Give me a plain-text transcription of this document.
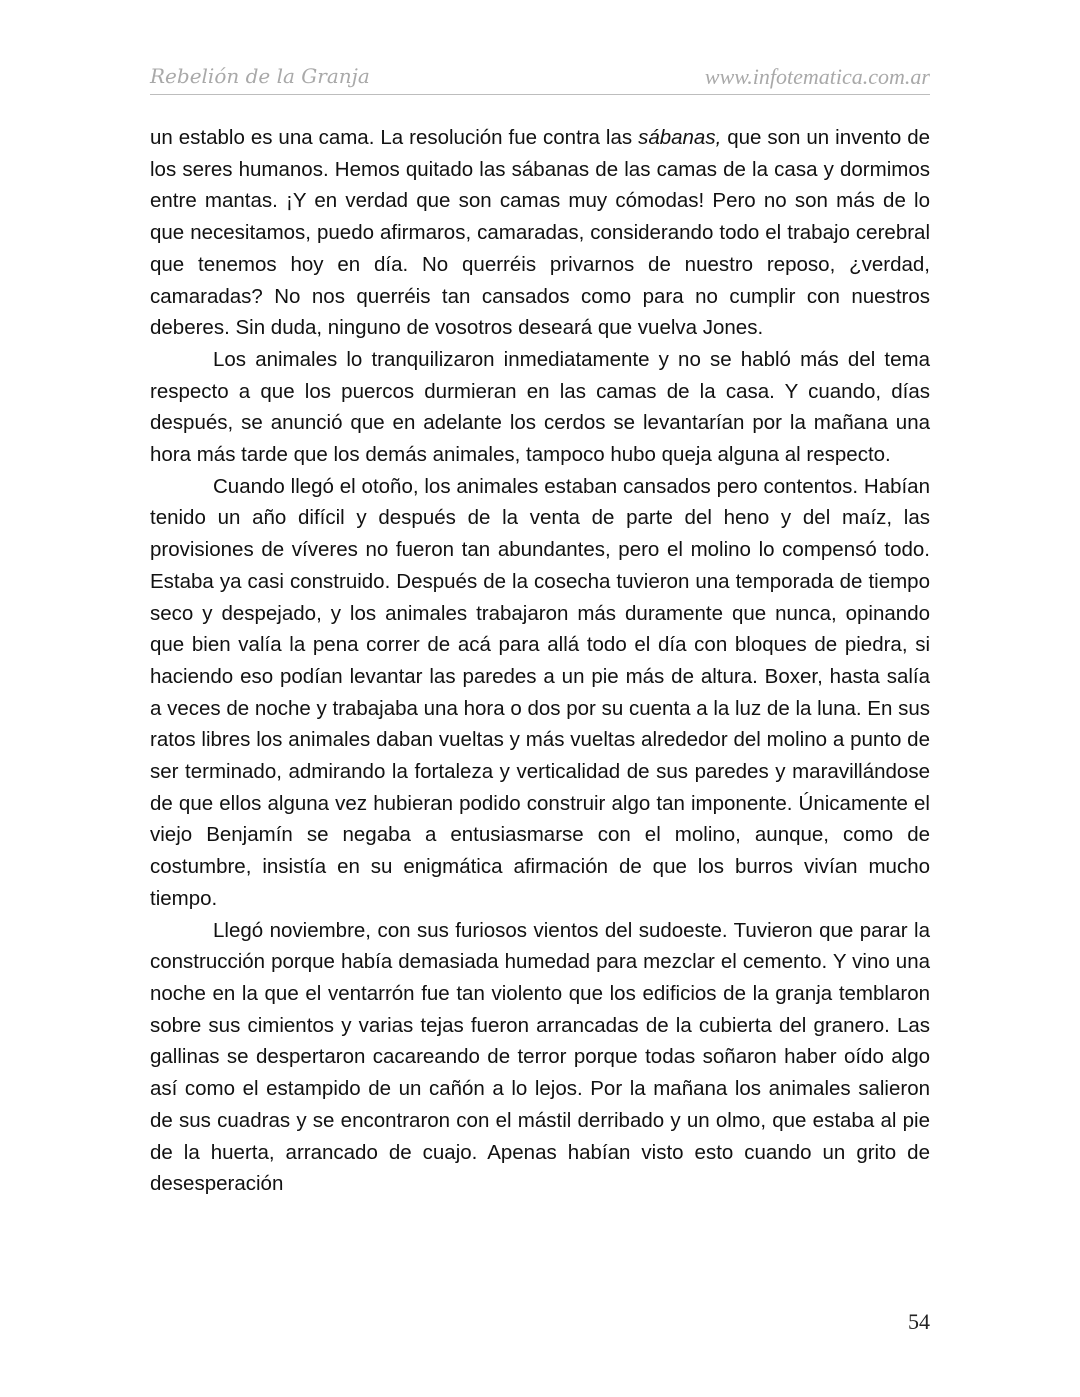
Rebelión de la Granja	www.infotematica.com.ar

un establo es una cama. La resolución fue contra las sábanas, que son un invento de los seres humanos. Hemos quitado las sábanas de las camas de la casa y dormimos entre mantas. ¡Y en verdad que son camas muy cómodas! Pero no son más de lo que necesitamos, puedo afirmaros, camaradas, considerando todo el trabajo cerebral que tenemos hoy en día. No querréis privarnos de nuestro reposo, ¿verdad, camaradas? No nos querréis tan cansados como para no cumplir con nuestros deberes. Sin duda, ninguno de vosotros deseará que vuelva Jones.

Los animales lo tranquilizaron inmediatamente y no se habló más del tema respecto a que los puercos durmieran en las camas de la casa. Y cuando, días después, se anunció que en adelante los cerdos se levantarían por la mañana una hora más tarde que los demás animales, tampoco hubo queja alguna al respecto.

Cuando llegó el otoño, los animales estaban cansados pero contentos. Habían tenido un año difícil y después de la venta de parte del heno y del maíz, las provisiones de víveres no fueron tan abundantes, pero el molino lo compensó todo. Estaba ya casi construido. Después de la cosecha tuvieron una temporada de tiempo seco y despejado, y los animales trabajaron más duramente que nunca, opinando que bien valía la pena correr de acá para allá todo el día con bloques de piedra, si haciendo eso podían levantar las paredes a un pie más de altura. Boxer, hasta salía a veces de noche y trabajaba una hora o dos por su cuenta a la luz de la luna. En sus ratos libres los animales daban vueltas y más vueltas alrededor del molino a punto de ser terminado, admirando la fortaleza y verticalidad de sus paredes y maravillándose de que ellos alguna vez hubieran podido construir algo tan imponente. Únicamente el viejo Benjamín se negaba a entusiasmarse con el molino, aunque, como de costumbre, insistía en su enigmática afirmación de que los burros vivían mucho tiempo.

Llegó noviembre, con sus furiosos vientos del sudoeste. Tuvieron que parar la construcción porque había demasiada humedad para mezclar el cemento. Y vino una noche en la que el ventarrón fue tan violento que los edificios de la granja temblaron sobre sus cimientos y varias tejas fueron arrancadas de la cubierta del granero. Las gallinas se despertaron cacareando de terror porque todas soñaron haber oído algo así como el estampido de un cañón a lo lejos. Por la mañana los animales salieron de sus cuadras y se encontraron con el mástil derribado y un olmo, que estaba al pie de la huerta, arrancado de cuajo. Apenas habían visto esto cuando un grito de desesperación

54
